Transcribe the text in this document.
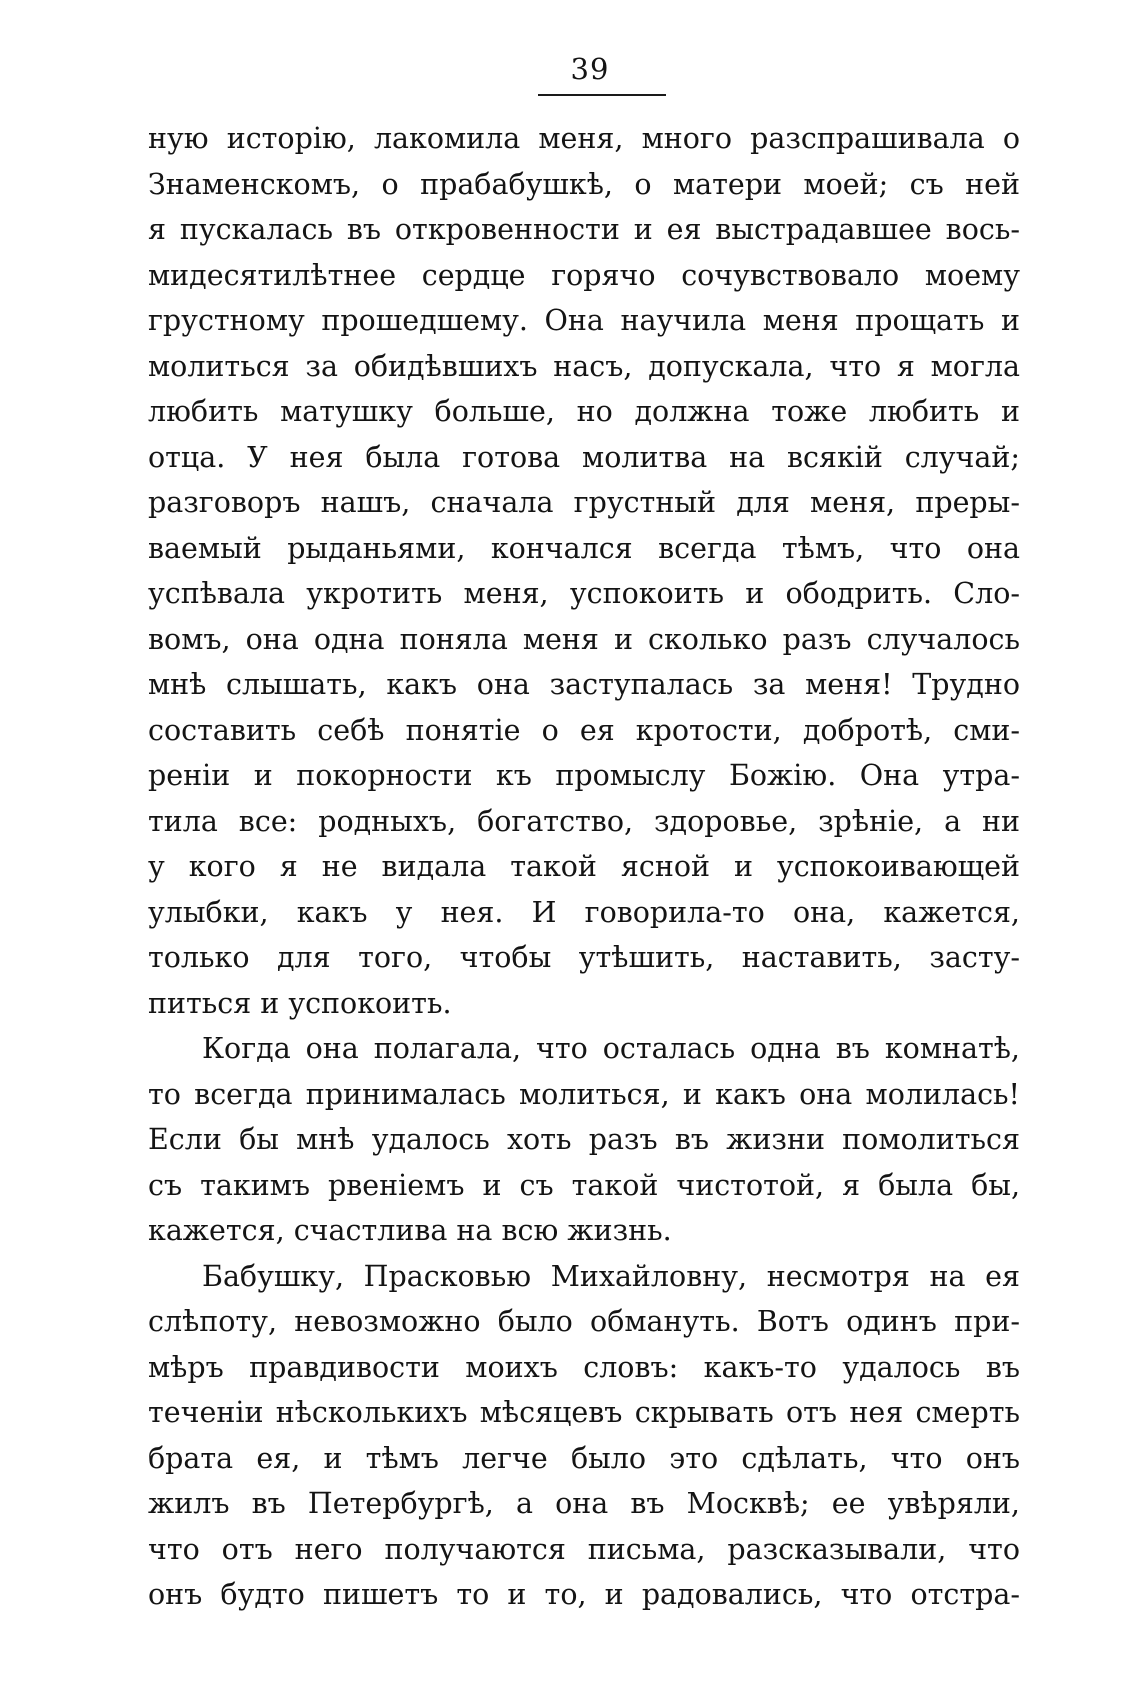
39
ную исторію, лакомила меня, много разспрашивала о
Знаменскомъ, о прабабушкѣ, о матери моей; съ ней
я пускалась въ откровенности и ея выстрадавшее вось-
мидесятилѣтнее сердце горячо сочувствовало моему
грустному прошедшему. Она научила меня прощать и
молиться за обидѣвшихъ насъ, допускала, что я могла
любить матушку больше, но должна тоже любить и
отца. У нея была готова молитва на всякій случай;
разговоръ нашъ, сначала грустный для меня, преры-
ваемый рыданьями, кончался всегда тѣмъ, что она
успѣвала укротить меня, успокоить и ободрить. Сло-
вомъ, она одна поняла меня и сколько разъ случалось
мнѣ слышать, какъ она заступалась за меня! Трудно
составить себѣ понятіе о ея кротости, добротѣ, сми-
реніи и покорности къ промыслу Божію. Она утра-
тила все: родныхъ, богатство, здоровье, зрѣніе, а ни
у кого я не видала такой ясной и успокоивающей
улыбки, какъ у нея. И говорила-то она, кажется,
только для того, чтобы утѣшить, наставить, засту-
питься и успокоить.
Когда она полагала, что осталась одна въ комнатѣ,
то всегда принималась молиться, и какъ она молилась!
Если бы мнѣ удалось хоть разъ въ жизни помолиться
съ такимъ рвеніемъ и съ такой чистотой, я была бы,
кажется, счастлива на всю жизнь.
Бабушку, Прасковью Михайловну, несмотря на ея
слѣпоту, невозможно было обмануть. Вотъ одинъ при-
мѣръ правдивости моихъ словъ: какъ-то удалось въ
теченіи нѣсколькихъ мѣсяцевъ скрывать отъ нея смерть
брата ея, и тѣмъ легче было это сдѣлать, что онъ
жилъ въ Петербургѣ, а она въ Москвѣ; ее увѣряли,
что отъ него получаются письма, разсказывали, что
онъ будто пишетъ то и то, и радовались, что отстра-
